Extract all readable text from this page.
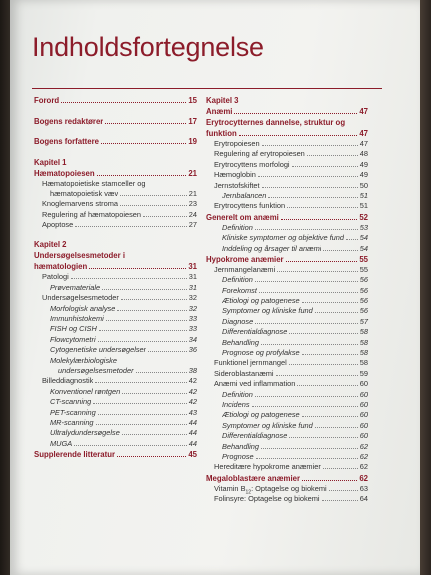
Indholdsfortegnelse
Forord	15
Bogens redaktører	17
Bogens forfattere	19
Kapitel 1
Hæmatopoiesen	21
Hæmatopoietiske stamceller og
hæmatopoietisk væv	21
Knoglemarvens stroma	23
Regulering af hæmatopoiesen	24
Apoptose	27
Kapitel 2
Undersøgelsesmetoder i
hæmatologien	31
Patologi	31
Prøvemateriale	31
Undersøgelsesmetoder	32
Morfologisk analyse	32
Immunhistokemi	33
FISH og CISH	33
Flowcytometri	34
Cytogenetiske undersøgelser	36
Molekylærbiologiske
undersøgelsesmetoder	38
Billeddiagnostik	42
Konventionel røntgen	42
CT-scanning	42
PET-scanning	43
MR-scanning	44
Ultralydundersøgelse	44
MUGA	44
Supplerende litteratur	45
Kapitel 3
Anæmi	47
Erytrocytternes dannelse, struktur og
funktion	47
Erytropoiesen	47
Regulering af erytropoiesen	48
Erytrocyttens morfologi	49
Hæmoglobin	49
Jernstofskiftet	50
Jernbalancen	51
Erytrocyttens funktion	51
Generelt om anæmi	52
Definition	53
Kliniske symptomer og objektive fund 54
Inddeling og årsager til anæmi	54
Hypokrome anæmier	55
Jernmangelanæmi	55
Definition	56
Forekomst	56
Ætiologi og patogenese	56
Symptomer og kliniske fund	56
Diagnose	57
Differentialdiagnose	58
Behandling	58
Prognose og profylakse	58
Funktionel jernmangel	58
Sideroblastanæmi	59
Anæmi ved inflammation	60
Definition	60
Incidens	60
Ætiologi og patogenese	60
Symptomer og kliniske fund	60
Differentialdiagnose	60
Behandling	62
Prognose	62
Hereditære hypokrome anæmier	62
Megaloblastære anæmier	62
Vitamin $B_{12}$: Optagelse og biokemi	63
Folinsyre: Optagelse og biokemi	64
